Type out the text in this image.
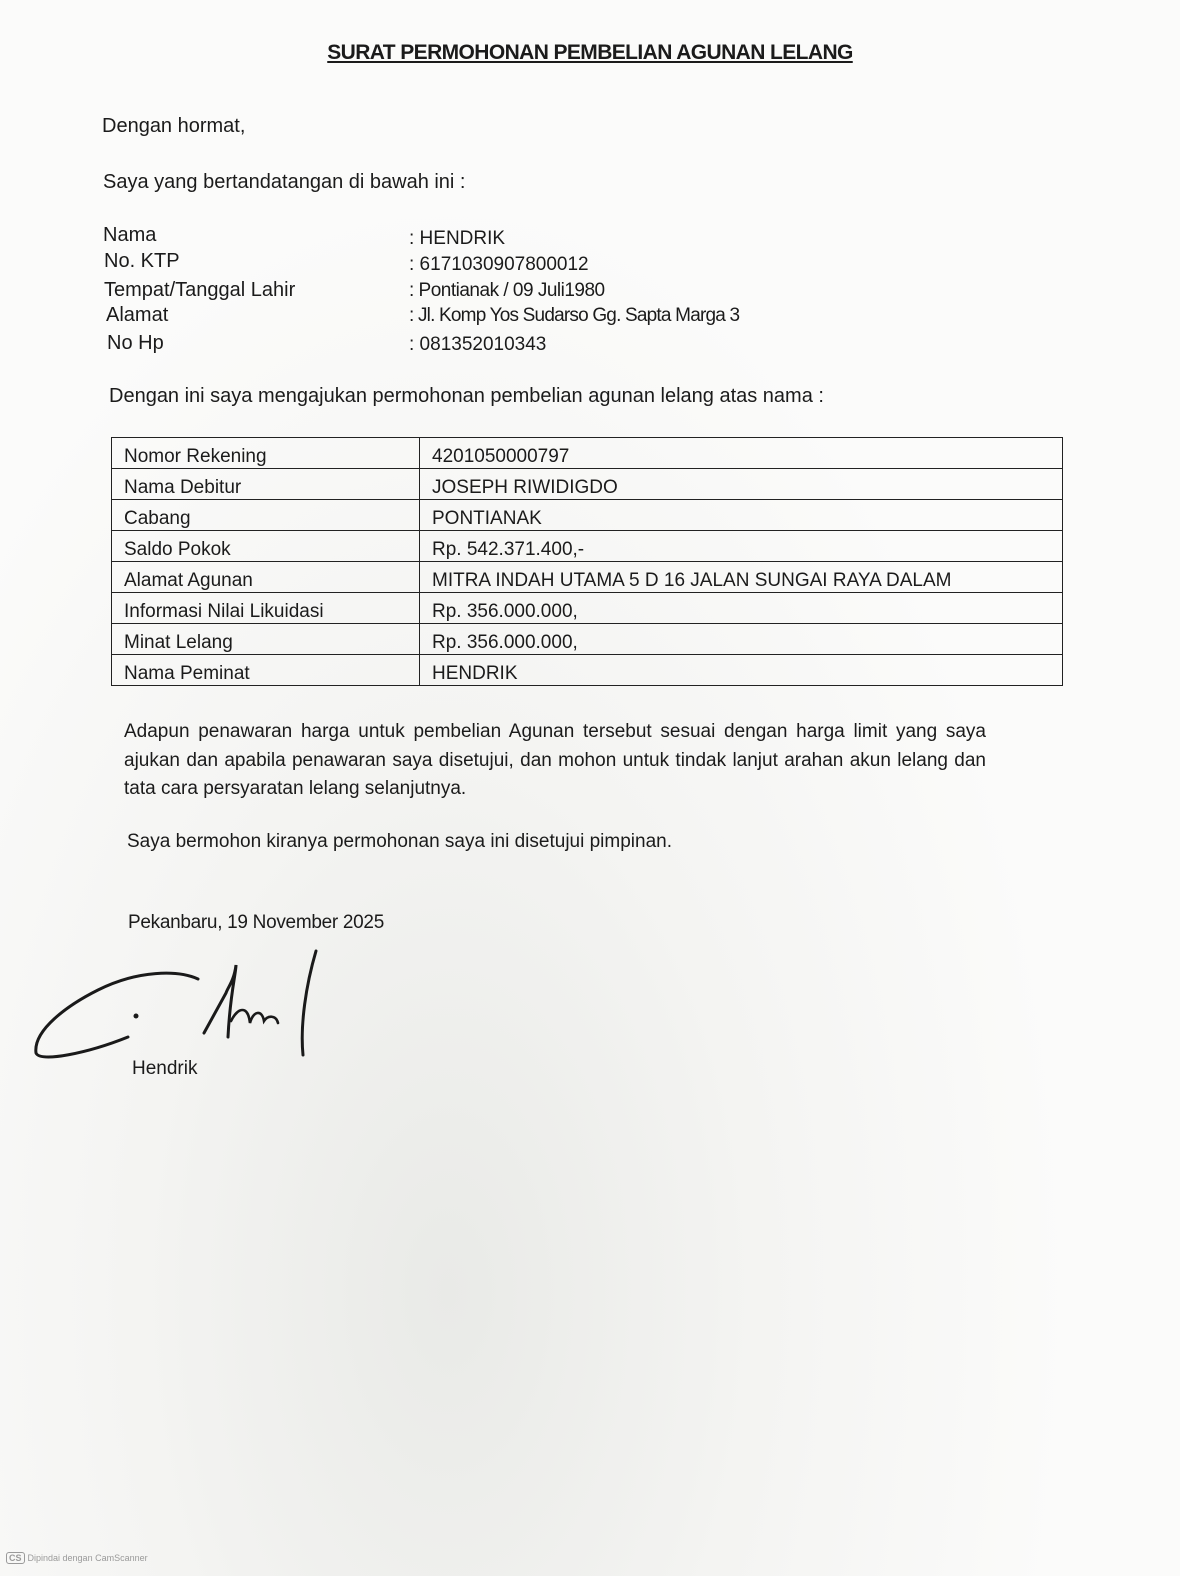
SURAT PERMOHONAN PEMBELIAN AGUNAN LELANG
Dengan hormat,
Saya yang bertandatangan di bawah ini :
Nama	: HENDRIK
No. KTP	: 6171030907800012
Tempat/Tanggal Lahir	: Pontianak / 09 Juli1980
Alamat	: Jl. Komp Yos Sudarso Gg. Sapta Marga 3
No Hp	: 081352010343
Dengan ini saya mengajukan permohonan pembelian agunan lelang atas nama :
Nomor Rekening	4201050000797
Nama Debitur	JOSEPH RIWIDIGDO
Cabang	PONTIANAK
Saldo Pokok	Rp. 542.371.400,-
Alamat Agunan	MITRA INDAH UTAMA 5 D 16 JALAN SUNGAI RAYA DALAM
Informasi Nilai Likuidasi	Rp. 356.000.000,
Minat Lelang	Rp. 356.000.000,
Nama Peminat	HENDRIK
Adapun penawaran harga untuk pembelian Agunan tersebut sesuai dengan harga limit yang saya ajukan dan apabila penawaran saya disetujui, dan mohon untuk tindak lanjut arahan akun lelang dan tata cara persyaratan lelang selanjutnya.
Saya bermohon kiranya permohonan saya ini disetujui pimpinan.
Pekanbaru, 19 November 2025
Hendrik
CS Dipindai dengan CamScanner
